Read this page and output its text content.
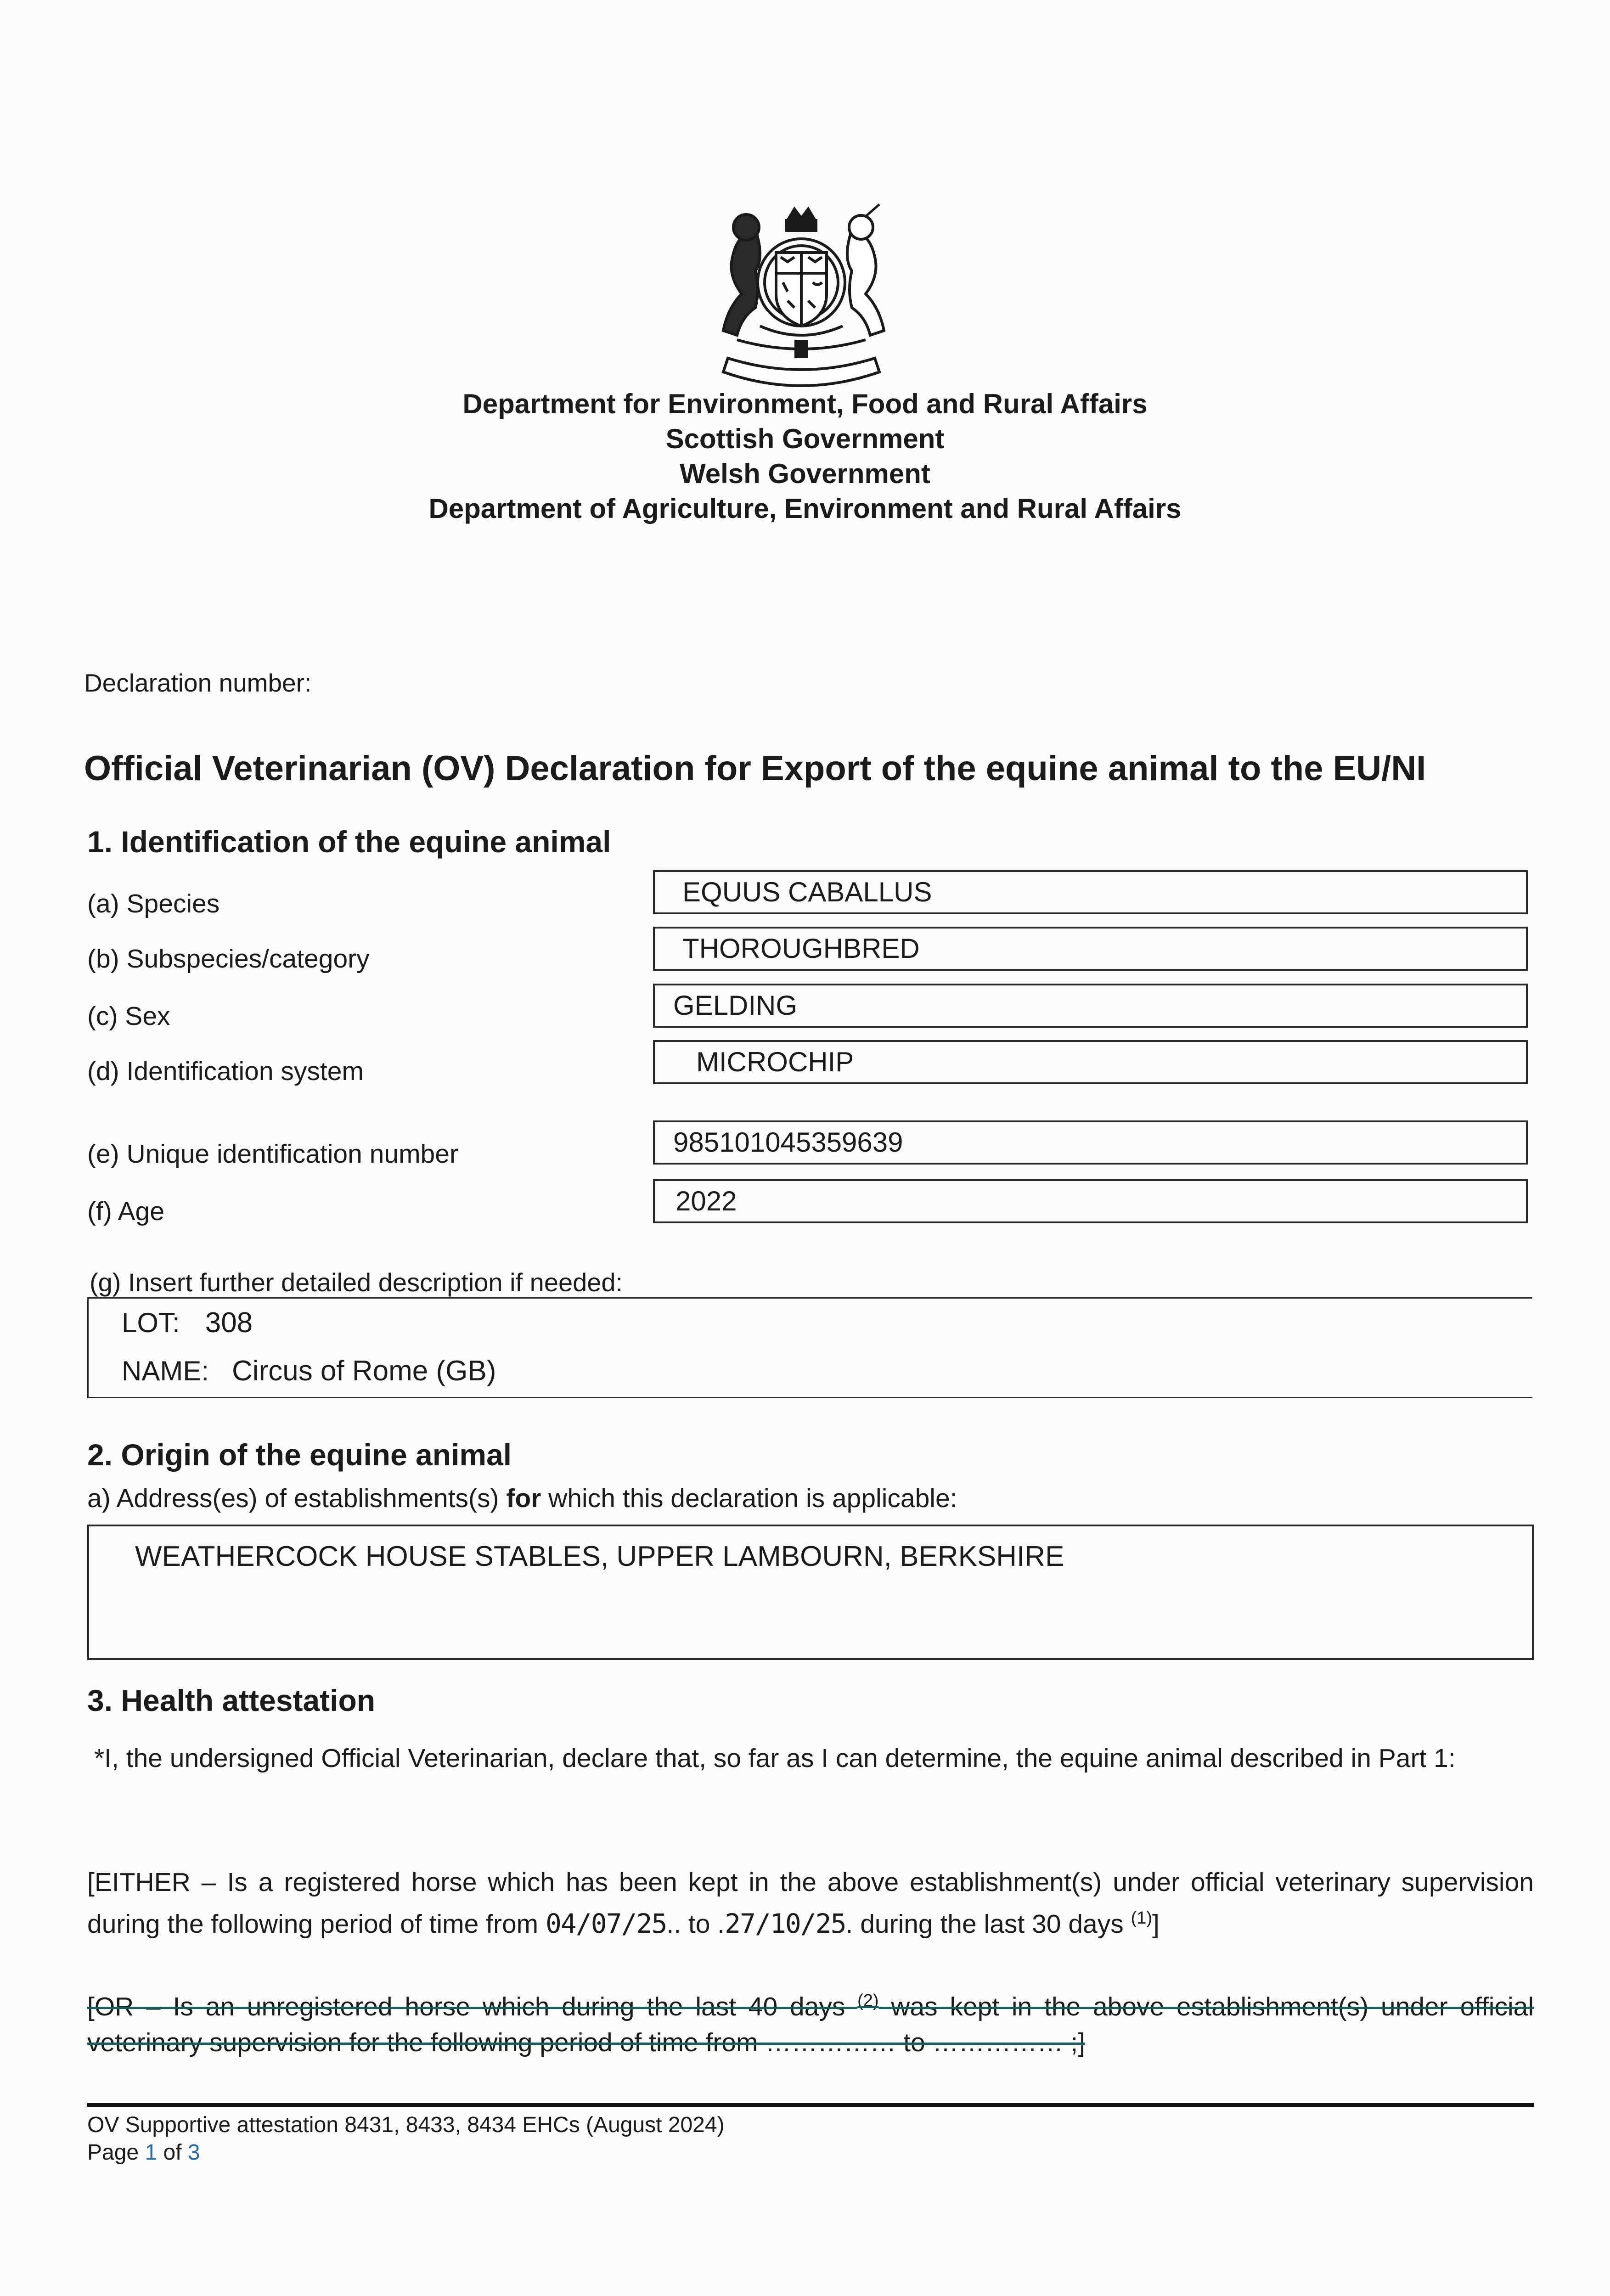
Department for Environment, Food and Rural Affairs
Scottish Government
Welsh Government
Department of Agriculture, Environment and Rural Affairs
Declaration number:
Official Veterinarian (OV) Declaration for Export of the equine animal to the EU/NI
1. Identification of the equine animal
(a) Species	EQUUS CABALLUS
(b) Subspecies/category	THOROUGHBRED
(c) Sex	GELDING
(d) Identification system	MICROCHIP
(e) Unique identification number	985101045359639
(f) Age	2022
(g) Insert further detailed description if needed:
LOT: 308
NAME: Circus of Rome (GB)
2. Origin of the equine animal
a) Address(es) of establishments(s) for which this declaration is applicable:
WEATHERCOCK HOUSE STABLES, UPPER LAMBOURN, BERKSHIRE
3. Health attestation
*I, the undersigned Official Veterinarian, declare that, so far as I can determine, the equine animal described in Part 1:
[EITHER – Is a registered horse which has been kept in the above establishment(s) under official veterinary supervision during the following period of time from 04/07/25.. to .27/10/25. during the last 30 days $^{(1)}$]
[OR – Is an unregistered horse which during the last 40 days $^{(2)}$ was kept in the above establishment(s) under official veterinary supervision for the following period of time from …………… to …………… ;]
OV Supportive attestation 8431, 8433, 8434 EHCs (August 2024)
Page 1 of 3
